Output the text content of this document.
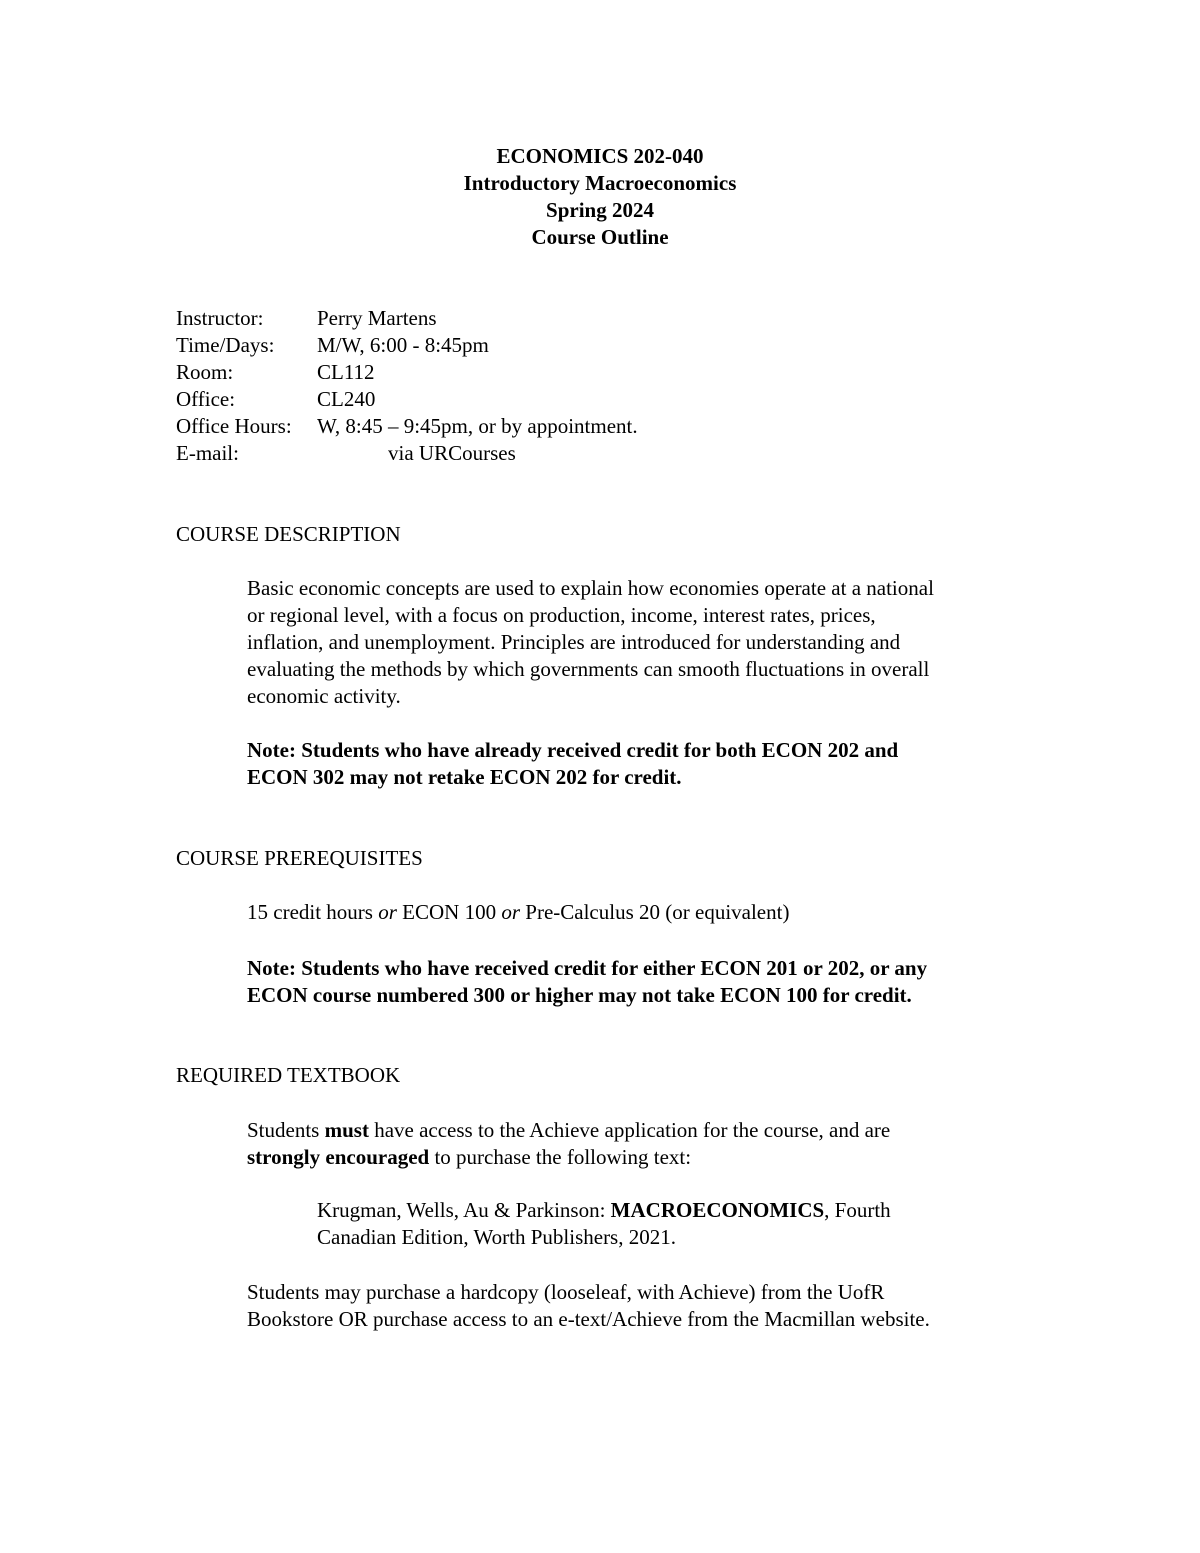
ECONOMICS 202-040
Introductory Macroeconomics
Spring 2024
Course Outline
Instructor:	Perry Martens
Time/Days: M/W, 6:00 - 8:45pm
Room:	CL112
Office:	CL240
Office Hours: W, 8:45 – 9:45pm, or by appointment.
E-mail:	via URCourses
COURSE DESCRIPTION
Basic economic concepts are used to explain how economies operate at a national
or regional level, with a focus on production, income, interest rates, prices,
inflation, and unemployment. Principles are introduced for understanding and
evaluating the methods by which governments can smooth fluctuations in overall
economic activity.
Note: Students who have already received credit for both ECON 202 and
ECON 302 may not retake ECON 202 for credit.
COURSE PREREQUISITES
15 credit hours or ECON 100 or Pre-Calculus 20 (or equivalent)
Note: Students who have received credit for either ECON 201 or 202, or any
ECON course numbered 300 or higher may not take ECON 100 for credit.
REQUIRED TEXTBOOK
Students must have access to the Achieve application for the course, and are
strongly encouraged to purchase the following text:
Krugman, Wells, Au & Parkinson: MACROECONOMICS, Fourth
Canadian Edition, Worth Publishers, 2021.
Students may purchase a hardcopy (looseleaf, with Achieve) from the UofR
Bookstore OR purchase access to an e-text/Achieve from the Macmillan website.
